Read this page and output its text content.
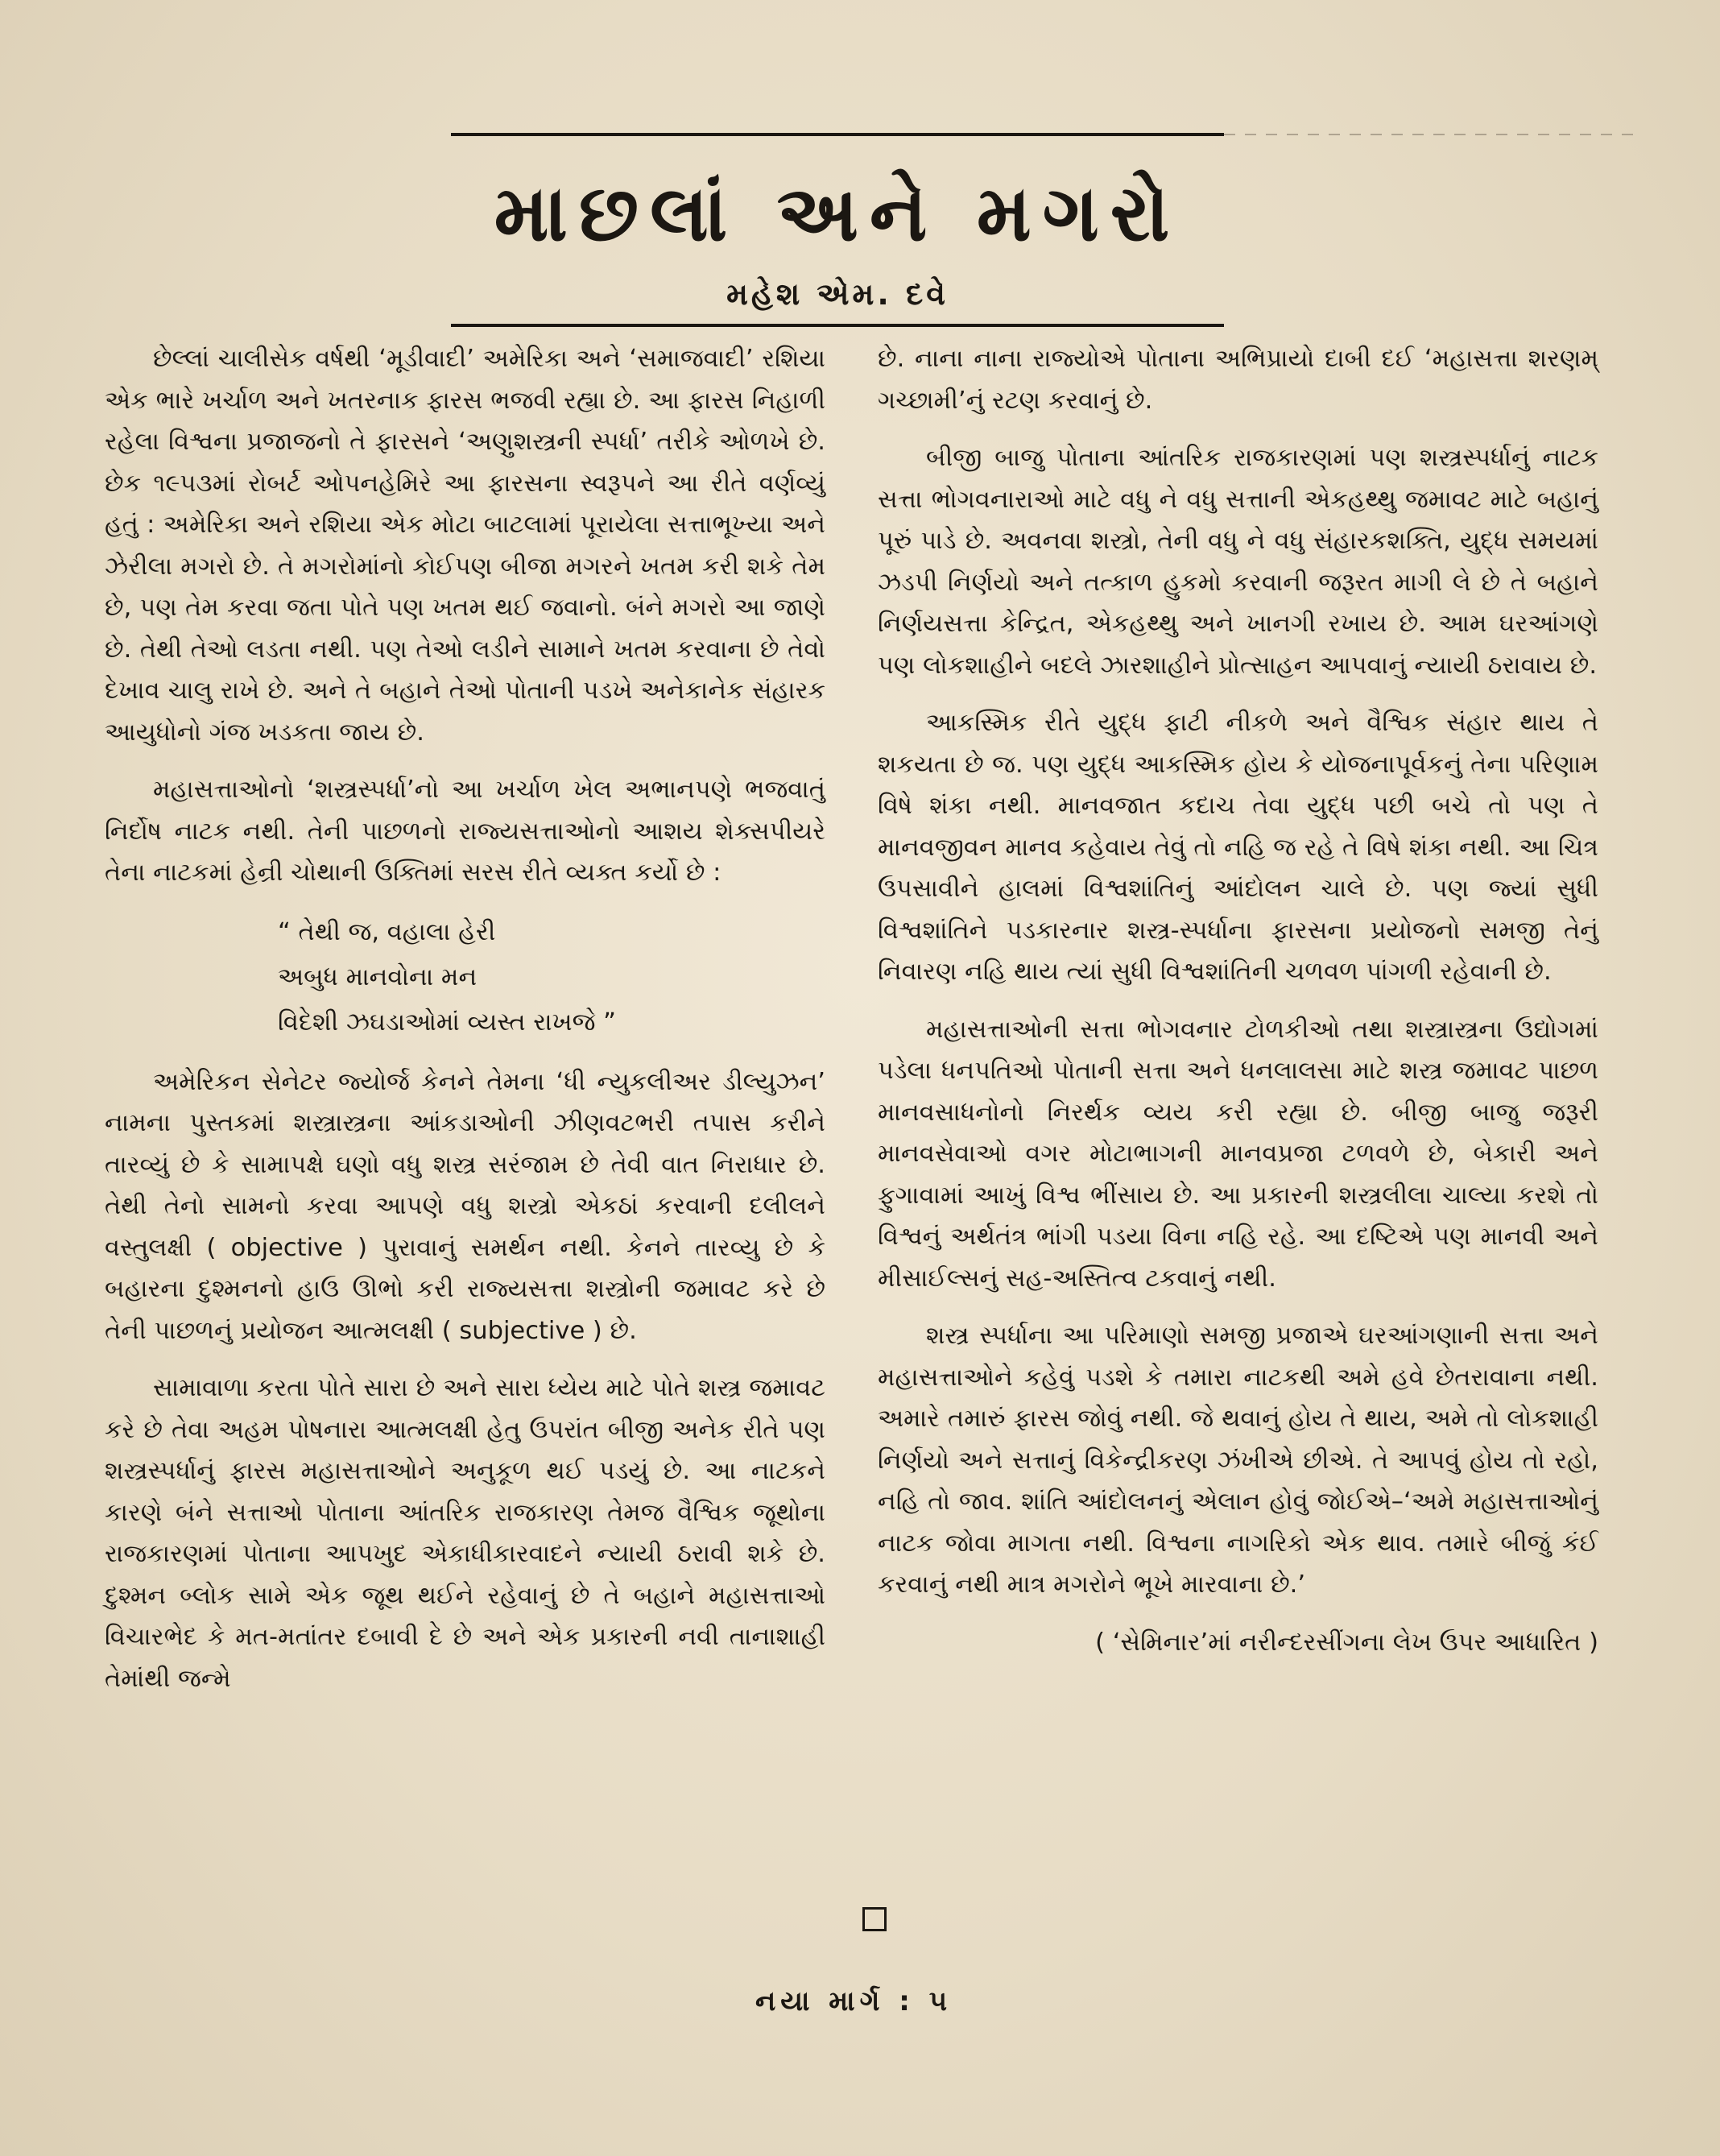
માછલાં અને મગરો
મહેશ એમ. દવે

છેલ્લાં ચાલીસેક વર્ષથી ‘મૂડીવાદી’ અમેરિકા અને ‘સમાજવાદી’ રશિયા એક ભારે ખર્ચાળ અને ખતરનાક ફારસ ભજવી રહ્યા છે. આ ફારસ નિહાળી રહેલા વિશ્વના પ્રજાજનો તે ફારસને ‘અણુશસ્ત્રની સ્પર્ધા’ તરીકે ઓળખે છે. છેક ૧૯૫૩માં રોબર્ટ ઓપનહેમિરે આ ફારસના સ્વરૂપને આ રીતે વર્ણવ્યું હતું : અમેરિકા અને રશિયા એક મોટા બાટલામાં પૂરાયેલા સત્તાભૂખ્યા અને ઝેરીલા મગરો છે. તે મગરોમાંનો કોઈપણ બીજા મગરને ખતમ કરી શકે તેમ છે, પણ તેમ કરવા જતા પોતે પણ ખતમ થઈ જવાનો. બંને મગરો આ જાણે છે. તેથી તેઓ લડતા નથી. પણ તેઓ લડીને સામાને ખતમ કરવાના છે તેવો દેખાવ ચાલુ રાખે છે. અને તે બહાને તેઓ પોતાની પડખે અનેકાનેક સંહારક આયુધોનો ગંજ ખડકતા જાય છે.

મહાસત્તાઓનો ‘શસ્ત્રસ્પર્ધા’નો આ ખર્ચાળ ખેલ અભાનપણે ભજવાતું નિર્દોષ નાટક નથી. તેની પાછળનો રાજ્યસત્તાઓનો આશય શેક્સપીયરે તેના નાટકમાં હેન્રી ચોથાની ઉક્તિમાં સરસ રીતે વ્યક્ત કર્યો છે :

“ તેથી જ, વહાલા હેરી
અબુધ માનવોના મન
વિદેશી ઝઘડાઓમાં વ્યસ્ત રાખજે ”

અમેરિકન સેનેટર જ્યોર્જ કેનને તેમના ‘ધી ન્યુકલીઅર ડીલ્યુઝન’ નામના પુસ્તકમાં શસ્ત્રાસ્ત્રના આંકડાઓની ઝીણવટભરી તપાસ કરીને તારવ્યું છે કે સામાપક્ષે ઘણો વધુ શસ્ત્ર સરંજામ છે તેવી વાત નિરાધાર છે. તેથી તેનો સામનો કરવા આપણે વધુ શસ્ત્રો એકઠાં કરવાની દલીલને વસ્તુલક્ષી ( objective ) પુરાવાનું સમર્થન નથી. કેનને તારવ્યુ છે કે બહારના દુશ્મનનો હાઉ ઊભો કરી રાજ્યસત્તા શસ્ત્રોની જમાવટ કરે છે તેની પાછળનું પ્રયોજન આત્મલક્ષી ( subjective ) છે.

સામાવાળા કરતા પોતે સારા છે અને સારા ધ્યેય માટે પોતે શસ્ત્ર જમાવટ કરે છે તેવા અહમ પોષનારા આત્મલક્ષી હેતુ ઉપરાંત બીજી અનેક રીતે પણ શસ્ત્રસ્પર્ધાનું ફારસ મહાસત્તાઓને અનુકૂળ થઈ પડયું છે. આ નાટકને કારણે બંને સત્તાઓ પોતાના આંતરિક રાજકારણ તેમજ વૈશ્વિક જૂથોના રાજકારણમાં પોતાના આપખુદ એકાધીકારવાદને ન્યાયી ઠરાવી શકે છે. દુશ્મન બ્લોક સામે એક જૂથ થઈને રહેવાનું છે તે બહાને મહાસત્તાઓ વિચારભેદ કે મત-મતાંતર દબાવી દે છે અને એક પ્રકારની નવી તાનાશાહી તેમાંથી જન્મે

છે. નાના નાના રાજ્યોએ પોતાના અભિપ્રાયો દાબી દઈ ‘મહાસત્તા શરણમ્ ગચ્છામી’નું રટણ કરવાનું છે.

બીજી બાજુ પોતાના આંતરિક રાજકારણમાં પણ શસ્ત્રસ્પર્ધાનું નાટક સત્તા ભોગવનારાઓ માટે વધુ ને વધુ સત્તાની એકહથ્થુ જમાવટ માટે બહાનું પૂરું પાડે છે. અવનવા શસ્ત્રો, તેની વધુ ને વધુ સંહારકશક્તિ, યુદ્ધ સમયમાં ઝડપી નિર્ણયો અને તત્કાળ હુકમો કરવાની જરૂરત માગી લે છે તે બહાને નિર્ણયસત્તા કેન્દ્રિત, એકહથ્થુ અને ખાનગી રખાય છે. આમ ઘરઆંગણે પણ લોકશાહીને બદલે ઝારશાહીને પ્રોત્સાહન આપવાનું ન્યાયી ઠરાવાય છે.

આકસ્મિક રીતે યુદ્ધ ફાટી નીકળે અને વૈશ્વિક સંહાર થાય તે શકયતા છે જ. પણ યુદ્ધ આકસ્મિક હોય કે યોજનાપૂર્વકનું તેના પરિણામ વિષે શંકા નથી. માનવજાત કદાચ તેવા યુદ્ધ પછી બચે તો પણ તે માનવજીવન માનવ કહેવાય તેવું તો નહિ જ રહે તે વિષે શંકા નથી. આ ચિત્ર ઉપસાવીને હાલમાં વિશ્વશાંતિનું આંદોલન ચાલે છે. પણ જ્યાં સુધી વિશ્વશાંતિને પડકારનાર શસ્ત્ર-સ્પર્ધાના ફારસના પ્રયોજનો સમજી તેનું નિવારણ નહિ થાય ત્યાં સુધી વિશ્વશાંતિની ચળવળ પાંગળી રહેવાની છે.

મહાસત્તાઓની સત્તા ભોગવનાર ટોળકીઓ તથા શસ્ત્રાસ્ત્રના ઉદ્યોગમાં પડેલા ધનપતિઓ પોતાની સત્તા અને ધનલાલસા માટે શસ્ત્ર જમાવટ પાછળ માનવસાધનોનો નિરર્થક વ્યય કરી રહ્યા છે. બીજી બાજુ જરૂરી માનવસેવાઓ વગર મોટાભાગની માનવપ્રજા ટળવળે છે, બેકારી અને ફુગાવામાં આખું વિશ્વ ભીંસાય છે. આ પ્રકારની શસ્ત્રલીલા ચાલ્યા કરશે તો વિશ્વનું અર્થતંત્ર ભાંગી પડયા વિના નહિ રહે. આ દષ્ટિએ પણ માનવી અને મીસાઈલ્સનું સહ-અસ્તિત્વ ટકવાનું નથી.

શસ્ત્ર સ્પર્ધાના આ પરિમાણો સમજી પ્રજાએ ઘરઆંગણાની સત્તા અને મહાસત્તાઓને કહેવું પડશે કે તમારા નાટકથી અમે હવે છેતરાવાના નથી. અમારે તમારું ફારસ જોવું નથી. જે થવાનું હોય તે થાય, અમે તો લોકશાહી નિર્ણયો અને સત્તાનું વિકેન્દ્રીકરણ ઝંખીએ છીએ. તે આપવું હોય તો રહો, નહિ તો જાવ. શાંતિ આંદોલનનું એલાન હોવું જોઈએ–‘અમે મહાસત્તાઓનું નાટક જોવા માગતા નથી. વિશ્વના નાગરિકો એક થાવ. તમારે બીજું કંઈ કરવાનું નથી માત્ર મગરોને ભૂખે મારવાના છે.’

( ‘સેમિનાર’માં નરીન્દરસીંગના લેખ ઉપર આધારિત )
નયા માર્ગ : ૫
